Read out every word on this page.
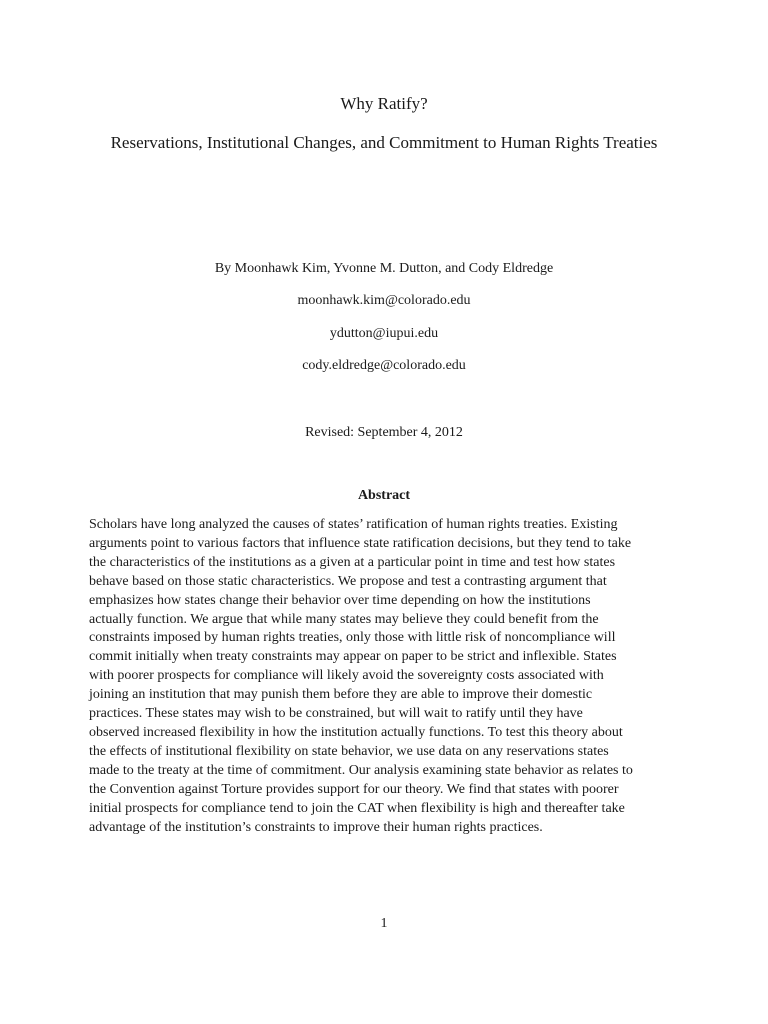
Why Ratify?
Reservations, Institutional Changes, and Commitment to Human Rights Treaties
By Moonhawk Kim, Yvonne M. Dutton, and Cody Eldredge
moonhawk.kim@colorado.edu
ydutton@iupui.edu
cody.eldredge@colorado.edu
Revised: September 4, 2012
Abstract
Scholars have long analyzed the causes of states’ ratification of human rights treaties. Existing
arguments point to various factors that influence state ratification decisions, but they tend to take
the characteristics of the institutions as a given at a particular point in time and test how states
behave based on those static characteristics. We propose and test a contrasting argument that
emphasizes how states change their behavior over time depending on how the institutions
actually function. We argue that while many states may believe they could benefit from the
constraints imposed by human rights treaties, only those with little risk of noncompliance will
commit initially when treaty constraints may appear on paper to be strict and inflexible. States
with poorer prospects for compliance will likely avoid the sovereignty costs associated with
joining an institution that may punish them before they are able to improve their domestic
practices. These states may wish to be constrained, but will wait to ratify until they have
observed increased flexibility in how the institution actually functions. To test this theory about
the effects of institutional flexibility on state behavior, we use data on any reservations states
made to the treaty at the time of commitment. Our analysis examining state behavior as relates to
the Convention against Torture provides support for our theory. We find that states with poorer
initial prospects for compliance tend to join the CAT when flexibility is high and thereafter take
advantage of the institution’s constraints to improve their human rights practices.
1
